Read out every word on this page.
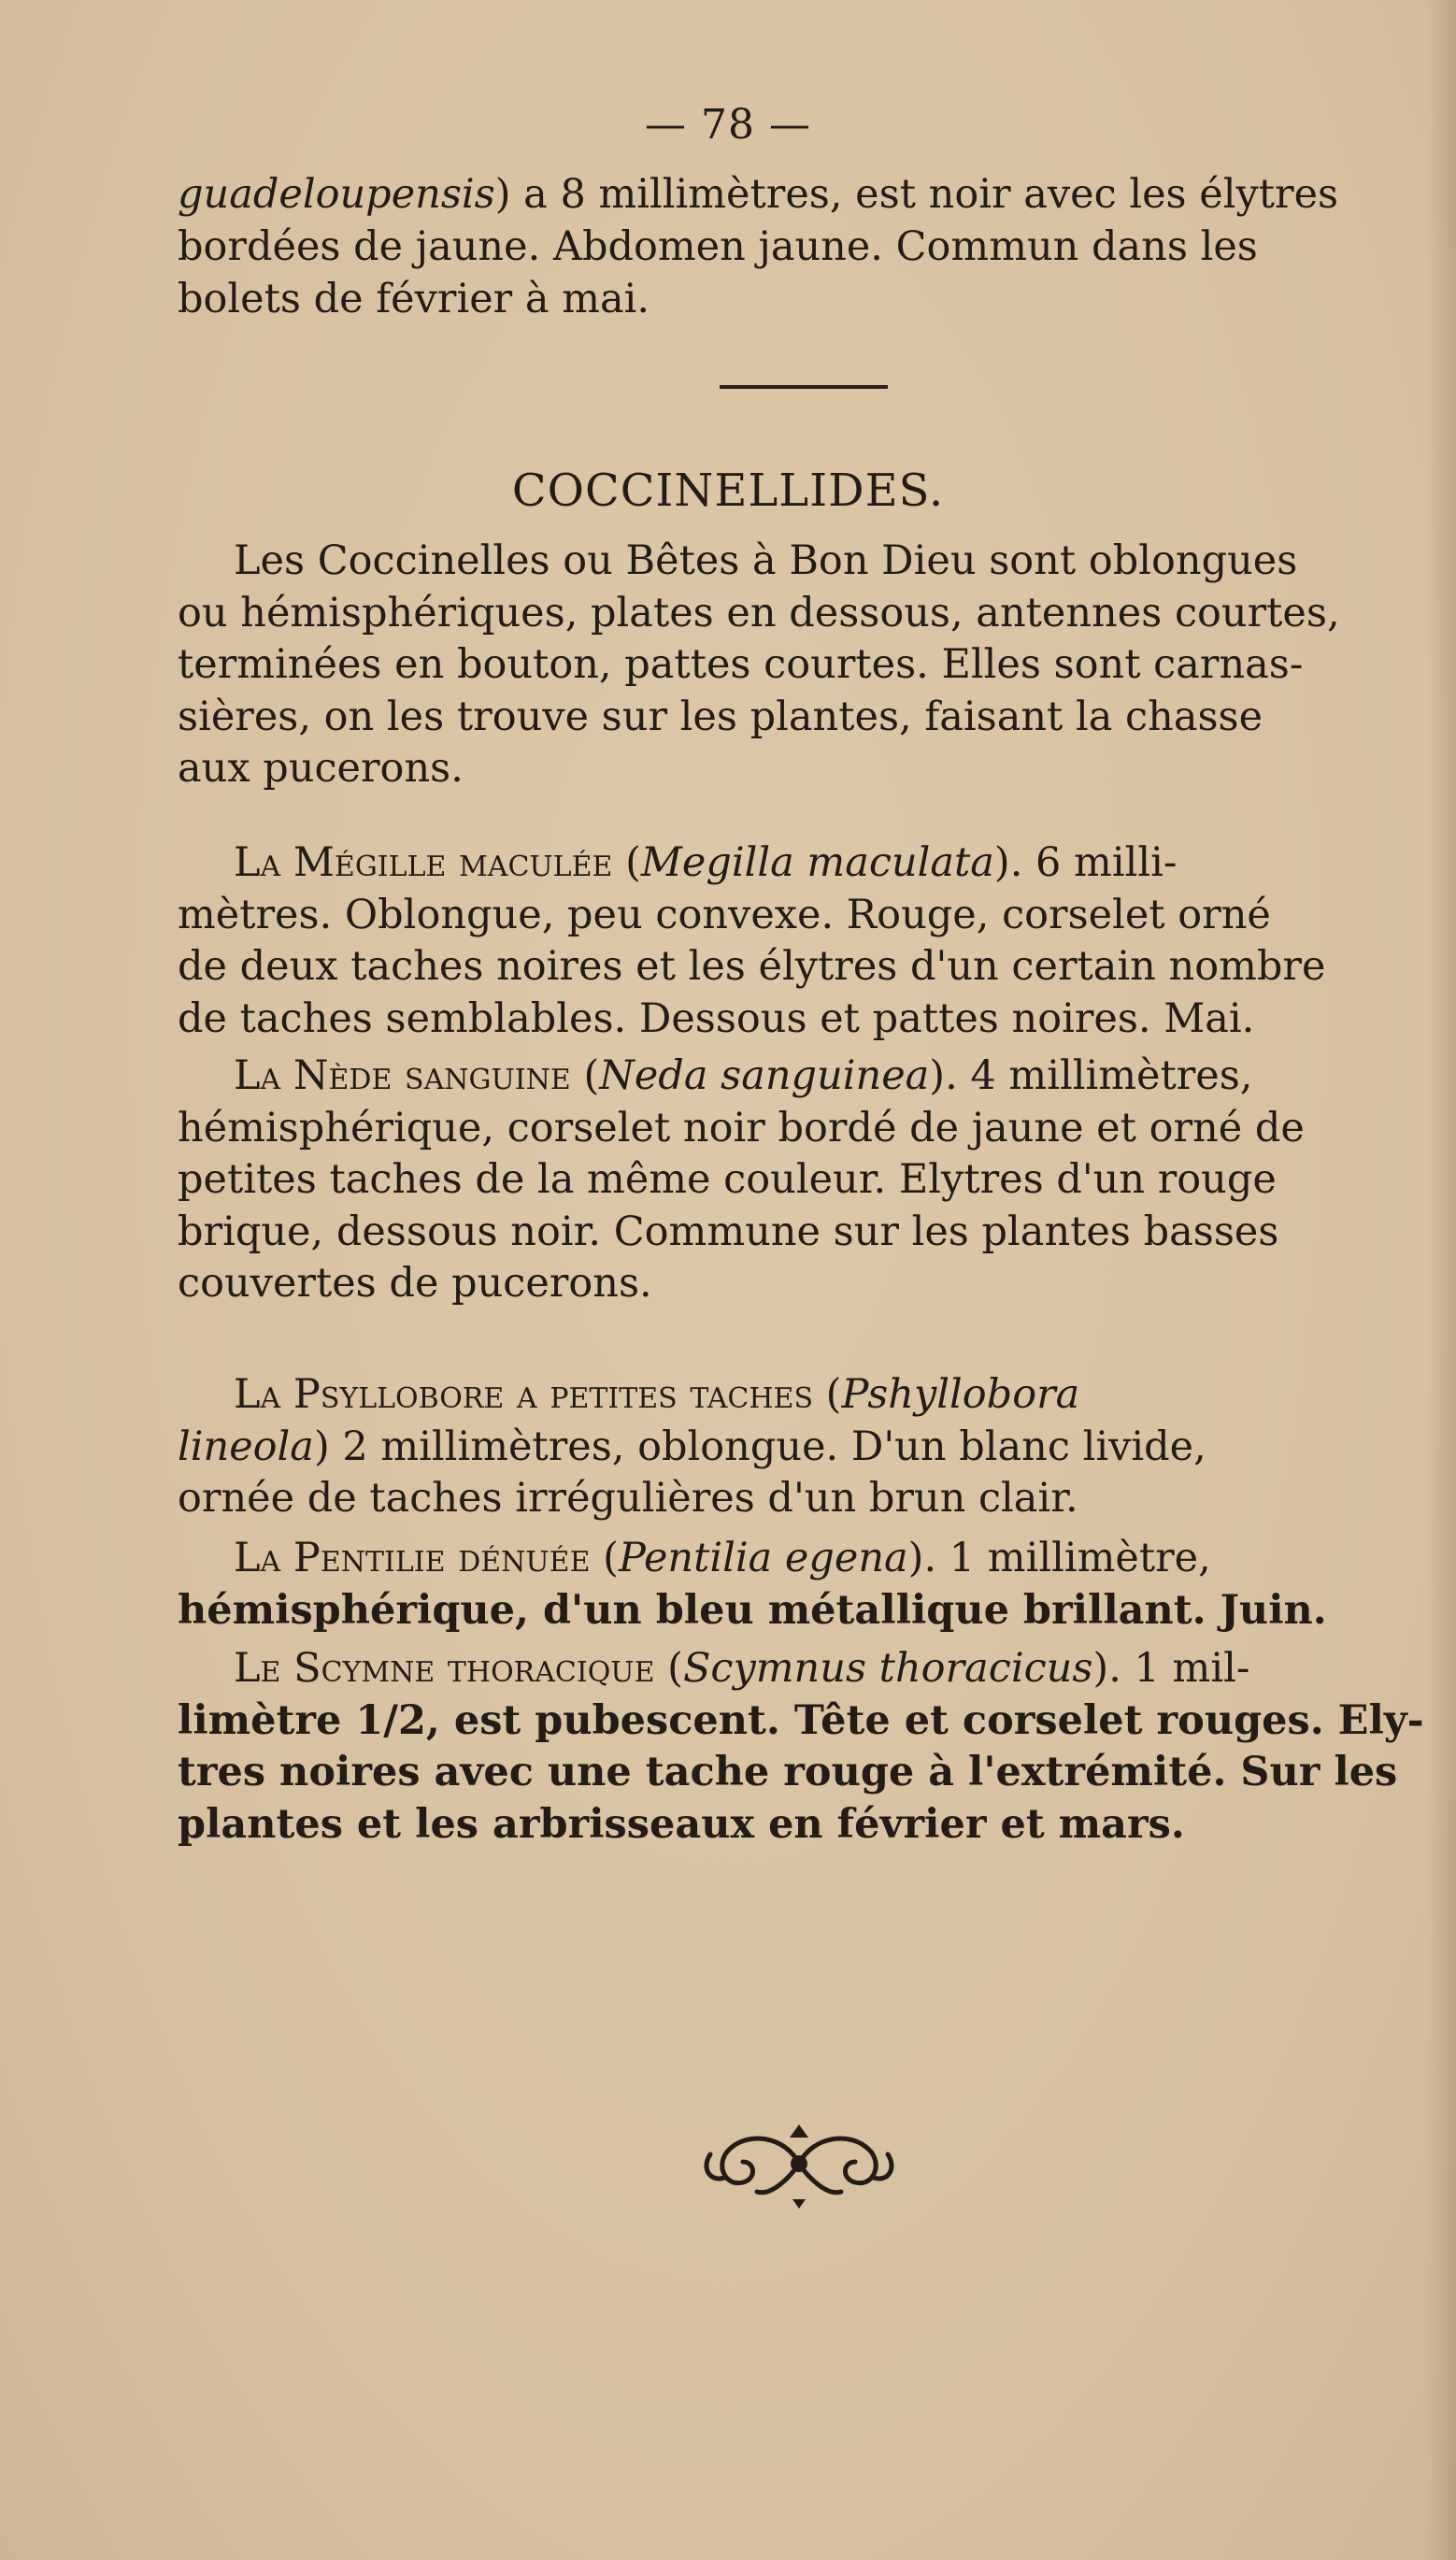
— 78 —
guadeloupensis) a 8 millimètres, est noir avec les élytres
bordées de jaune. Abdomen jaune. Commun dans les
bolets de février à mai.
COCCINELLIDES.
Les Coccinelles ou Bêtes à Bon Dieu sont oblongues
ou hémisphériques, plates en dessous, antennes courtes,
terminées en bouton, pattes courtes. Elles sont carnas-
sières, on les trouve sur les plantes, faisant la chasse
aux pucerons.
La Mégille maculée (Megilla maculata). 6 milli-
mètres. Oblongue, peu convexe. Rouge, corselet orné
de deux taches noires et les élytres d'un certain nombre
de taches semblables. Dessous et pattes noires. Mai.
La Nède sanguine (Neda sanguinea). 4 millimètres,
hémisphérique, corselet noir bordé de jaune et orné de
petites taches de la même couleur. Elytres d'un rouge
brique, dessous noir. Commune sur les plantes basses
couvertes de pucerons.
La Psyllobore a petites taches (Pshyllobora
lineola) 2 millimètres, oblongue. D'un blanc livide,
ornée de taches irrégulières d'un brun clair.
La Pentilie dénuée (Pentilia egena). 1 millimètre,
hémisphérique, d'un bleu métallique brillant. Juin.
Le Scymne thoracique (Scymnus thoracicus). 1 mil-
limètre 1/2, est pubescent. Tête et corselet rouges. Ely-
tres noires avec une tache rouge à l'extrémité. Sur les
plantes et les arbrisseaux en février et mars.
